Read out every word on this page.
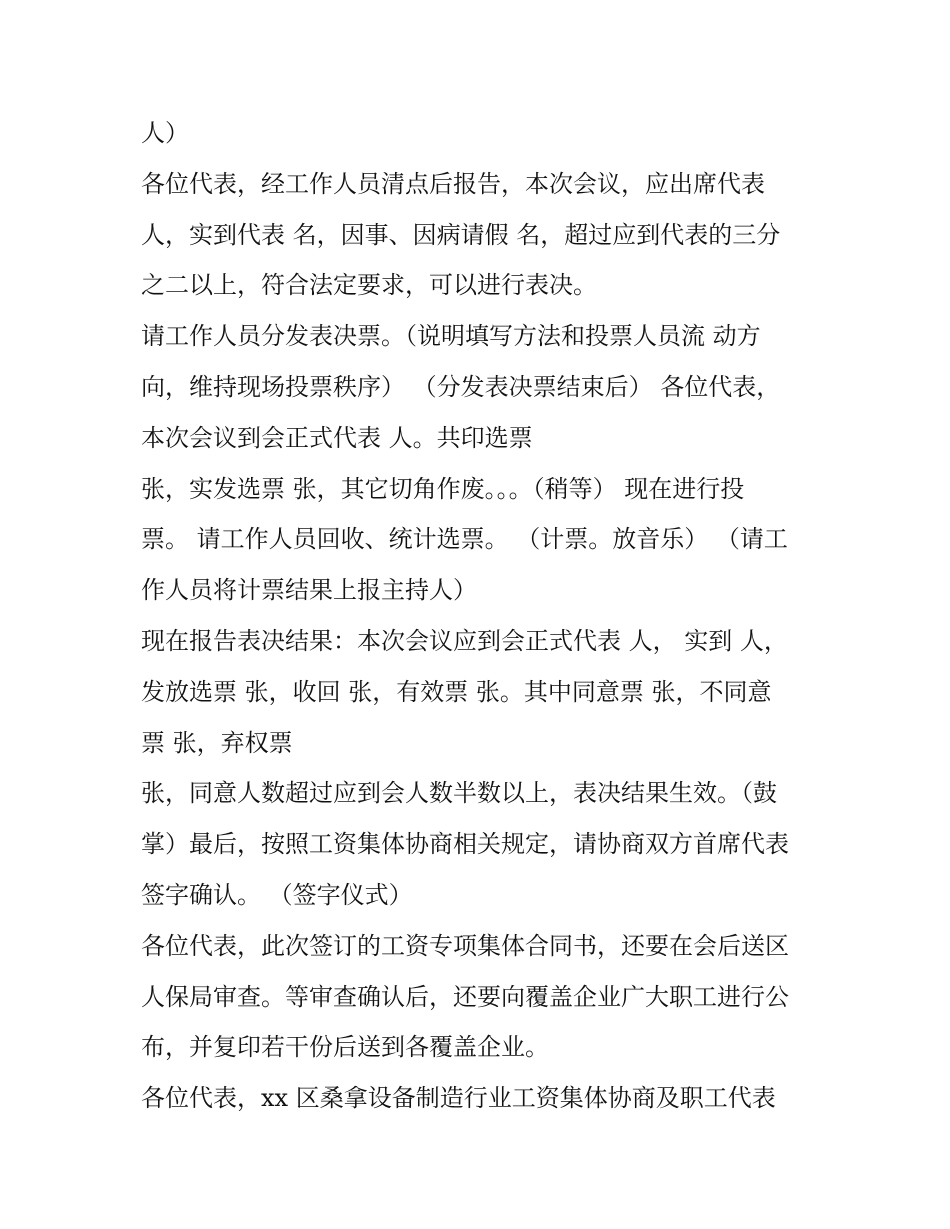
人）
各位代表，经工作人员清点后报告，本次会议，应出席代表
人，实到代表 名，因事、因病请假 名，超过应到代表的三分
之二以上，符合法定要求，可以进行表决。
请工作人员分发表决票。（说明填写方法和投票人员流 动方
向，维持现场投票秩序） （分发表决票结束后） 各位代表，
本次会议到会正式代表 人。共印选票
张，实发选票 张，其它切角作废。。。（稍等） 现在进行投
票。 请工作人员回收、统计选票。 （计票。放音乐） （请工
作人员将计票结果上报主持人）
现在报告表决结果：本次会议应到会正式代表 人， 实到 人，
发放选票 张，收回 张，有效票 张。其中同意票 张，不同意
票 张，弃权票
张，同意人数超过应到会人数半数以上，表决结果生效。（鼓
掌）最后，按照工资集体协商相关规定，请协商双方首席代表
签字确认。 （签字仪式）
各位代表，此次签订的工资专项集体合同书，还要在会后送区
人保局审查。等审查确认后，还要向覆盖企业广大职工进行公
布，并复印若干份后送到各覆盖企业。
各位代表，xx 区桑拿设备制造行业工资集体协商及职工代表
